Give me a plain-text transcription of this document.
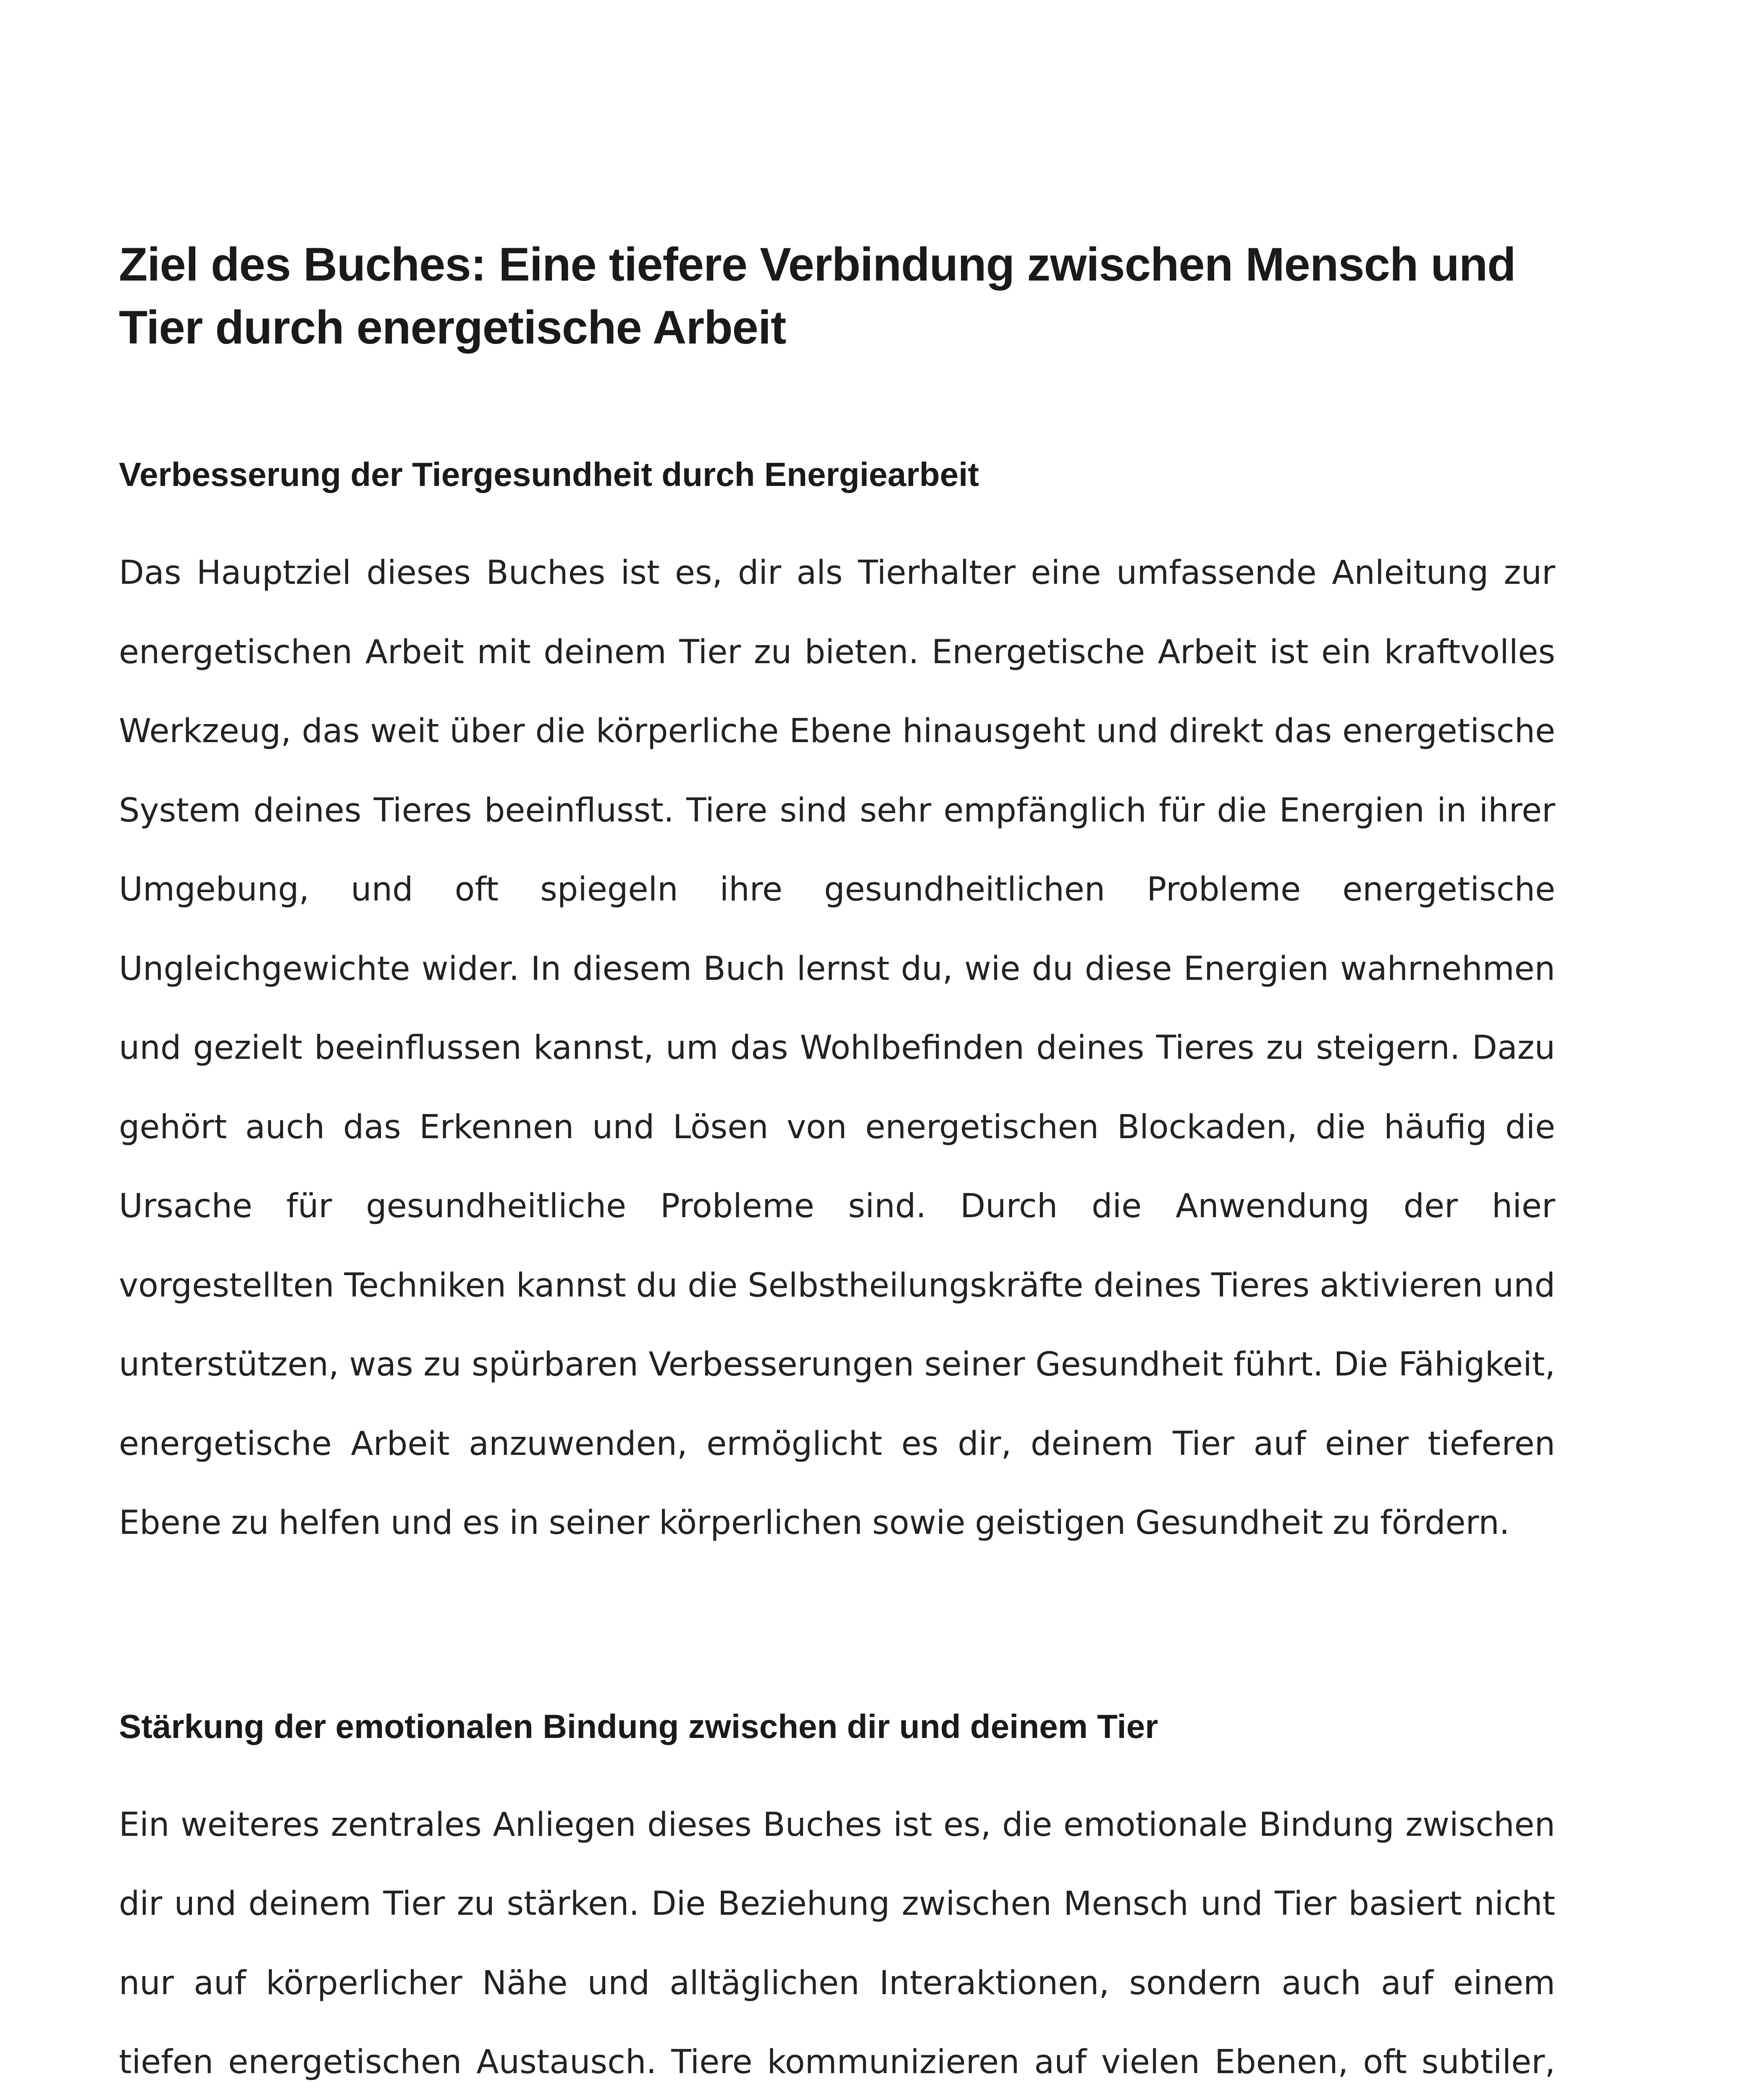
Ziel des Buches: Eine tiefere Verbindung zwischen Mensch und Tier durch energetische Arbeit
Verbesserung der Tiergesundheit durch Energiearbeit

Das Hauptziel dieses Buches ist es, dir als Tierhalter eine umfassende Anleitung zur energetischen Arbeit mit deinem Tier zu bieten. Energetische Arbeit ist ein kraftvolles Werkzeug, das weit über die körperliche Ebene hinausgeht und direkt das energetische System deines Tieres beeinflusst. Tiere sind sehr empfänglich für die Energien in ihrer Umgebung, und oft spiegeln ihre gesundheitlichen Probleme energetische Ungleichgewichte wider. In diesem Buch lernst du, wie du diese Energien wahrnehmen und gezielt beeinflussen kannst, um das Wohlbefinden deines Tieres zu steigern. Dazu gehört auch das Erkennen und Lösen von energetischen Blockaden, die häufig die Ursache für gesundheitliche Probleme sind. Durch die Anwendung der hier vorgestellten Techniken kannst du die Selbstheilungskräfte deines Tieres aktivieren und unterstützen, was zu spürbaren Verbesserungen seiner Gesundheit führt. Die Fähigkeit, energetische Arbeit anzuwenden, ermöglicht es dir, deinem Tier auf einer tieferen Ebene zu helfen und es in seiner körperlichen sowie geistigen Gesundheit zu fördern.

Stärkung der emotionalen Bindung zwischen dir und deinem Tier

Ein weiteres zentrales Anliegen dieses Buches ist es, die emotionale Bindung zwischen dir und deinem Tier zu stärken. Die Beziehung zwischen Mensch und Tier basiert nicht nur auf körperlicher Nähe und alltäglichen Interaktionen, sondern auch auf einem tiefen energetischen Austausch. Tiere kommunizieren auf vielen Ebenen, oft subtiler,
